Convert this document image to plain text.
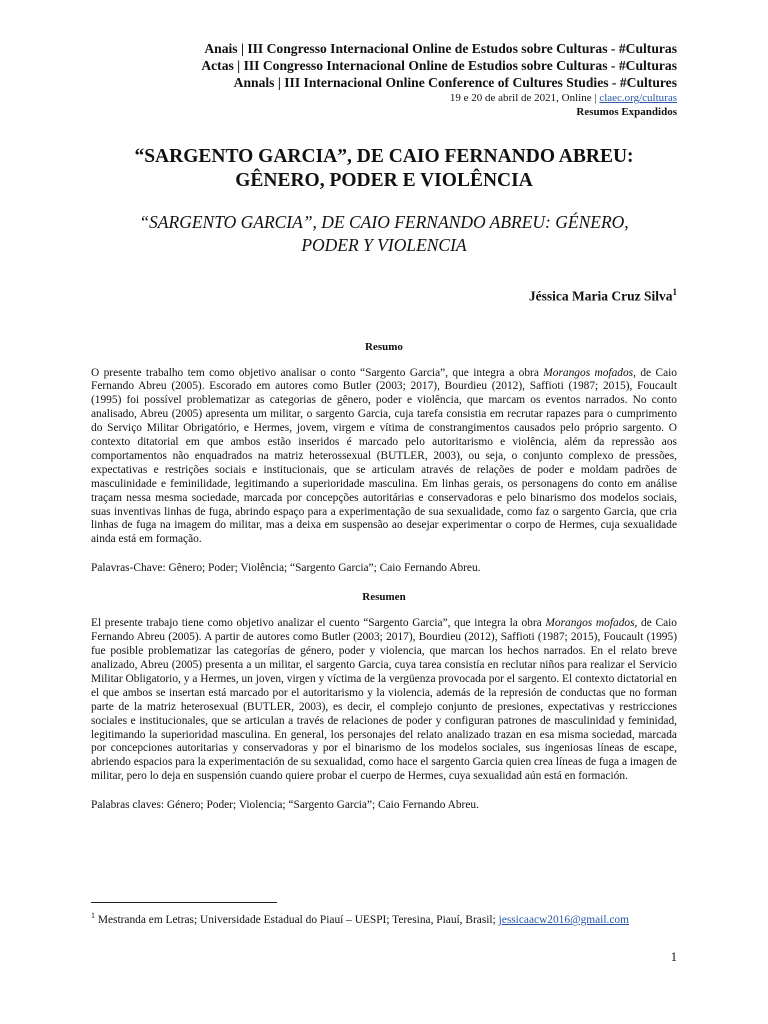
Anais | III Congresso Internacional Online de Estudos sobre Culturas - #Culturas
Actas | III Congresso Internacional Online de Estudios sobre Culturas - #Culturas
Annals | III Internacional Online Conference of Cultures Studies - #Cultures
19 e 20 de abril de 2021, Online | claec.org/culturas
Resumos Expandidos
“SARGENTO GARCIA”, DE CAIO FERNANDO ABREU: GÊNERO, PODER E VIOLÊNCIA
“SARGENTO GARCIA”, DE CAIO FERNANDO ABREU: GÉNERO, PODER Y VIOLENCIA
Jéssica Maria Cruz Silva$^1$
Resumo
O presente trabalho tem como objetivo analisar o conto “Sargento Garcia”, que integra a obra Morangos mofados, de Caio Fernando Abreu (2005). Escorado em autores como Butler (2003; 2017), Bourdieu (2012), Saffioti (1987; 2015), Foucault (1995) foi possível problematizar as categorias de gênero, poder e violência, que marcam os eventos narrados. No conto analisado, Abreu (2005) apresenta um militar, o sargento Garcia, cuja tarefa consistia em recrutar rapazes para o cumprimento do Serviço Militar Obrigatório, e Hermes, jovem, virgem e vítima de constrangimentos causados pelo próprio sargento. O contexto ditatorial em que ambos estão inseridos é marcado pelo autoritarismo e violência, além da repressão aos comportamentos não enquadrados na matriz heterossexual (BUTLER, 2003), ou seja, o conjunto complexo de pressões, expectativas e restrições sociais e institucionais, que se articulam através de relações de poder e moldam padrões de masculinidade e feminilidade, legitimando a superioridade masculina. Em linhas gerais, os personagens do conto em análise traçam nessa mesma sociedade, marcada por concepções autoritárias e conservadoras e pelo binarismo dos modelos sociais, suas inventivas linhas de fuga, abrindo espaço para a experimentação de sua sexualidade, como faz o sargento Garcia, que cria linhas de fuga na imagem do militar, mas a deixa em suspensão ao desejar experimentar o corpo de Hermes, cuja sexualidade ainda está em formação.
Palavras-Chave: Gênero; Poder; Violência; “Sargento Garcia”; Caio Fernando Abreu.
Resumen
El presente trabajo tiene como objetivo analizar el cuento “Sargento Garcia”, que integra la obra Morangos mofados, de Caio Fernando Abreu (2005). A partir de autores como Butler (2003; 2017), Bourdieu (2012), Saffioti (1987; 2015), Foucault (1995) fue posible problematizar las categorías de género, poder y violencia, que marcan los hechos narrados. En el relato breve analizado, Abreu (2005) presenta a un militar, el sargento Garcia, cuya tarea consistía en reclutar niños para realizar el Servicio Militar Obligatorio, y a Hermes, un joven, virgen y víctima de la vergüenza provocada por el sargento. El contexto dictatorial en el que ambos se insertan está marcado por el autoritarismo y la violencia, además de la represión de conductas que no forman parte de la matriz heterosexual (BUTLER, 2003), es decir, el complejo conjunto de presiones, expectativas y restricciones sociales e institucionales, que se articulan a través de relaciones de poder y configuran patrones de masculinidad y feminidad, legitimando la superioridad masculina. En general, los personajes del relato analizado trazan en esa misma sociedad, marcada por concepciones autoritarias y conservadoras y por el binarismo de los modelos sociales, sus ingeniosas líneas de escape, abriendo espacios para la experimentación de su sexualidad, como hace el sargento Garcia quien crea líneas de fuga a imagen de militar, pero lo deja en suspensión cuando quiere probar el cuerpo de Hermes, cuya sexualidad aún está en formación.
Palabras claves: Género; Poder; Violencia; “Sargento Garcia”; Caio Fernando Abreu.
$^1$ Mestranda em Letras; Universidade Estadual do Piauí – UESPI; Teresina, Piauí, Brasil; jessicaacw2016@gmail.com
1
